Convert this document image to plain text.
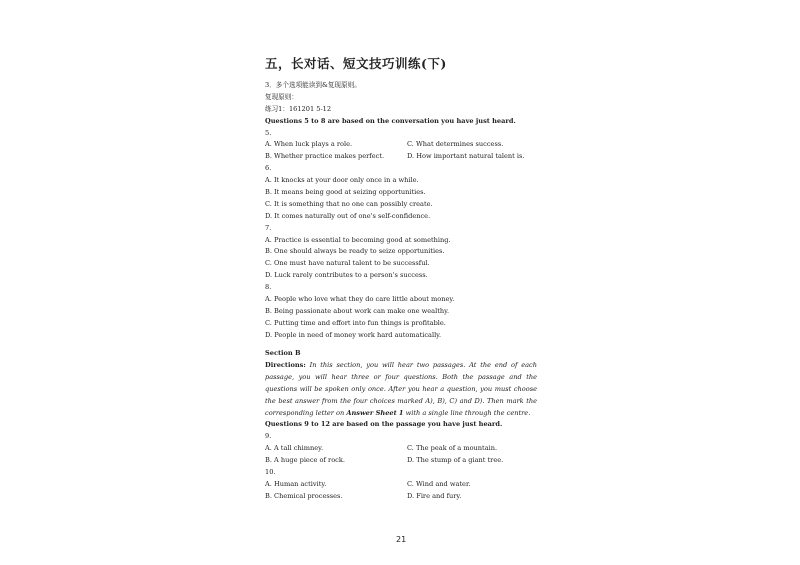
五，长对话、短文技巧训练(下)
3．多个选项能读到&复现原则。
复现原则：
练习1：161201 5-12
Questions 5 to 8 are based on the conversation you have just heard.
5.
A. When luck plays a role.	C. What determines success.
B. Whether practice makes perfect.	D. How important natural talent is.
6.
A. It knocks at your door only once in a while.
B. It means being good at seizing opportunities.
C. It is something that no one can possibly create.
D. It comes naturally out of one's self-confidence.
7.
A. Practice is essential to becoming good at something.
B. One should always be ready to seize opportunities.
C. One must have natural talent to be successful.
D. Luck rarely contributes to a person's success.
8.
A. People who love what they do care little about money.
B. Being passionate about work can make one wealthy.
C. Putting time and effort into fun things is profitable.
D. People in need of money work hard automatically.
Section B
Directions: In this section, you will hear two passages. At the end of each passage, you will hear three or four questions. Both the passage and the questions will be spoken only once. After you hear a question, you must choose the best answer from the four choices marked A), B), C) and D). Then mark the corresponding letter on Answer Sheet 1 with a single line through the centre.
Questions 9 to 12 are based on the passage you have just heard.
9.
A. A tall chimney.	C. The peak of a mountain.
B. A huge piece of rock.	D. The stump of a giant tree.
10.
A. Human activity.	C. Wind and water.
B. Chemical processes.	D. Fire and fury.
21
